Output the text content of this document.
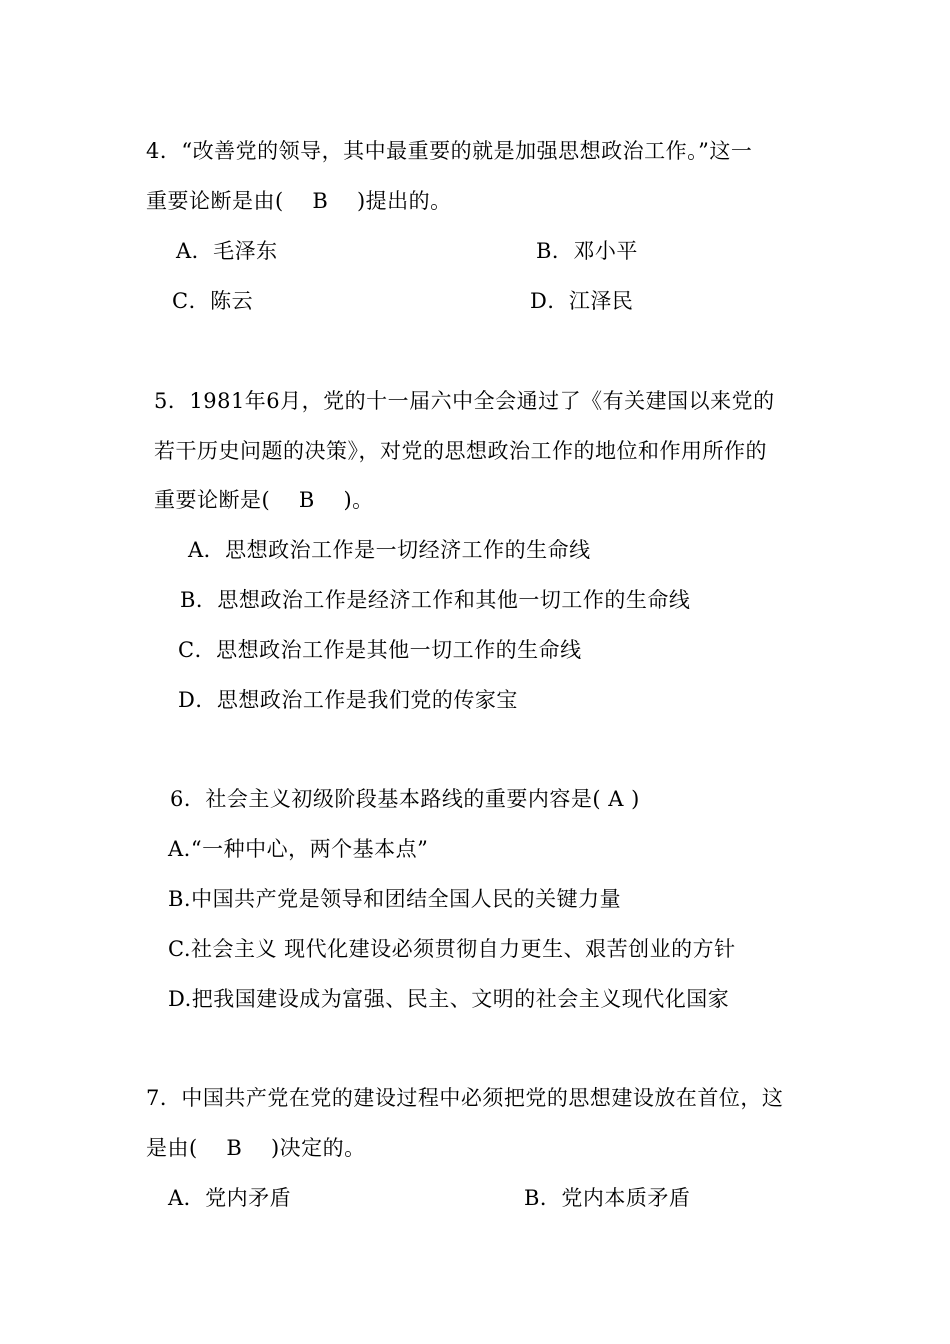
4．“改善党的领导，其中最重要的就是加强思想政治工作。”这一
重要论断是由(　 B　 )提出的。
A．毛泽东	B．邓小平
C．陈云	D．江泽民
5．1981年6月，党的十一届六中全会通过了《有关建国以来党的
若干历史问题的决策》，对党的思想政治工作的地位和作用所作的
重要论断是(　 B　 )。
A．思想政治工作是一切经济工作的生命线
B．思想政治工作是经济工作和其他一切工作的生命线
C．思想政治工作是其他一切工作的生命线
D．思想政治工作是我们党的传家宝
6．社会主义初级阶段基本路线的重要内容是( A )
A.“一种中心，两个基本点”
B.中国共产党是领导和团结全国人民的关键力量
C.社会主义 现代化建设必须贯彻自力更生、艰苦创业的方针
D.把我国建设成为富强、民主、文明的社会主义现代化国家
7．中国共产党在党的建设过程中必须把党的思想建设放在首位，这
是由(　 B　 )决定的。
A．党内矛盾	B．党内本质矛盾
